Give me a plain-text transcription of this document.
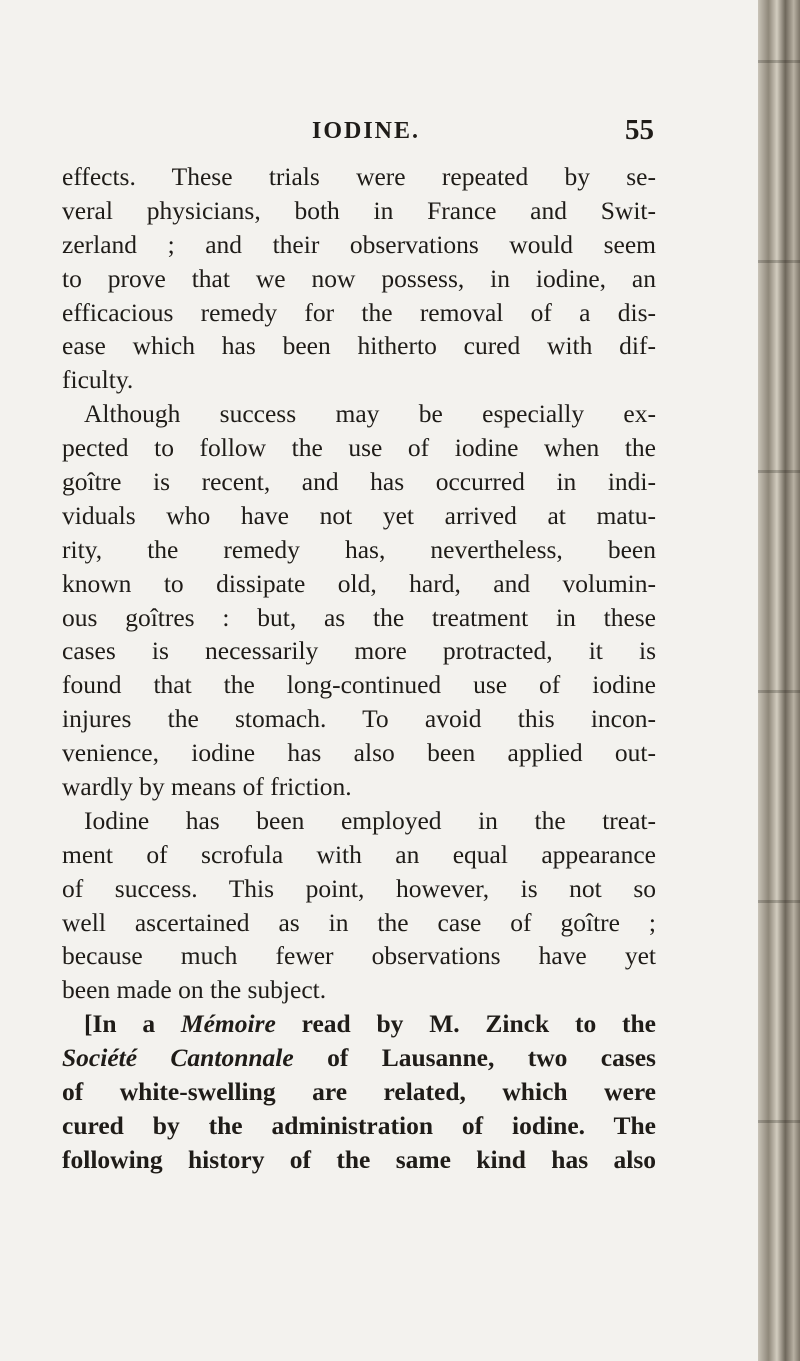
IODINE.	55
effects. These trials were repeated by se-
veral physicians, both in France and Swit-
zerland ; and their observations would seem
to prove that we now possess, in iodine, an
efficacious remedy for the removal of a dis-
ease which has been hitherto cured with dif-
ficulty.
Although success may be especially ex-
pected to follow the use of iodine when the
goître is recent, and has occurred in indi-
viduals who have not yet arrived at matu-
rity, the remedy has, nevertheless, been
known to dissipate old, hard, and volumin-
ous goîtres : but, as the treatment in these
cases is necessarily more protracted, it is
found that the long-continued use of iodine
injures the stomach. To avoid this incon-
venience, iodine has also been applied out-
wardly by means of friction.
Iodine has been employed in the treat-
ment of scrofula with an equal appearance
of success. This point, however, is not so
well ascertained as in the case of goître ;
because much fewer observations have yet
been made on the subject.
[In a Mémoire read by M. Zinck to the
Société Cantonnale of Lausanne, two cases
of white-swelling are related, which were
cured by the administration of iodine. The
following history of the same kind has also
